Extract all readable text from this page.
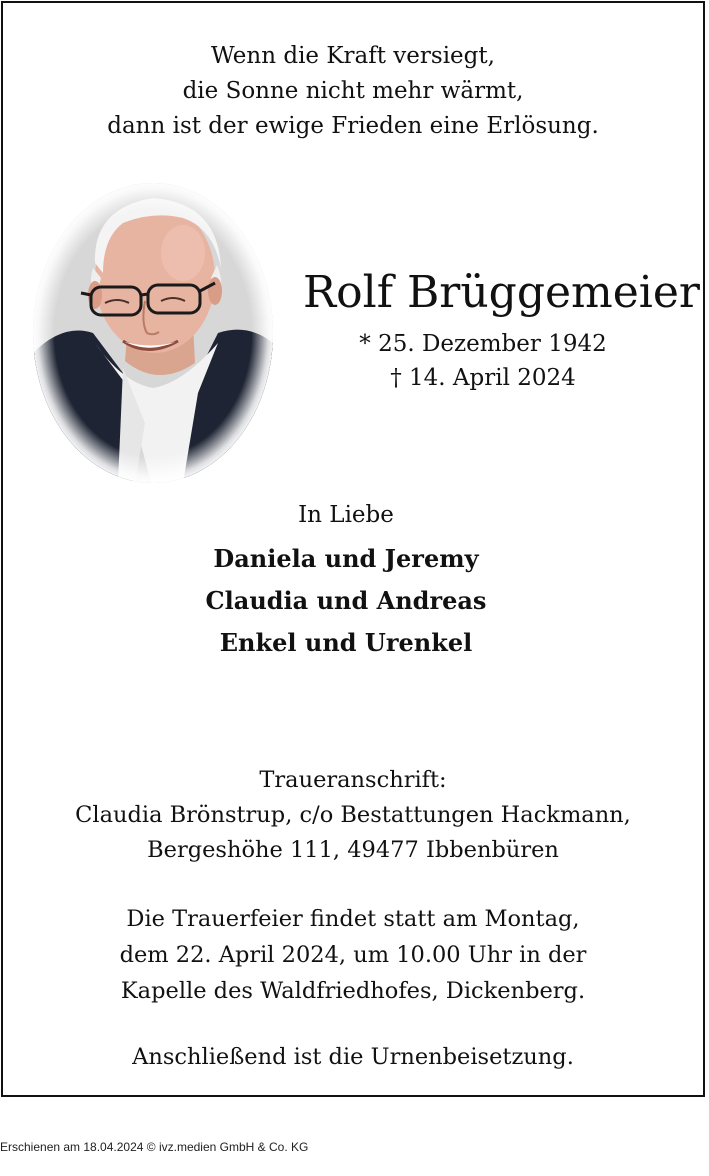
Wenn die Kraft versiegt,
die Sonne nicht mehr wärmt,
dann ist der ewige Frieden eine Erlösung.
Rolf Brüggemeier
* 25. Dezember 1942
† 14. April 2024
In Liebe
Daniela und Jeremy
Claudia und Andreas
Enkel und Urenkel
Traueranschrift:
Claudia Brönstrup, c/o Bestattungen Hackmann,
Bergeshöhe 111, 49477 Ibbenbüren
Die Trauerfeier findet statt am Montag,
dem 22. April 2024, um 10.00 Uhr in der
Kapelle des Waldfriedhofes, Dickenberg.
Anschließend ist die Urnenbeisetzung.
Erschienen am 18.04.2024 © ivz.medien GmbH & Co. KG
